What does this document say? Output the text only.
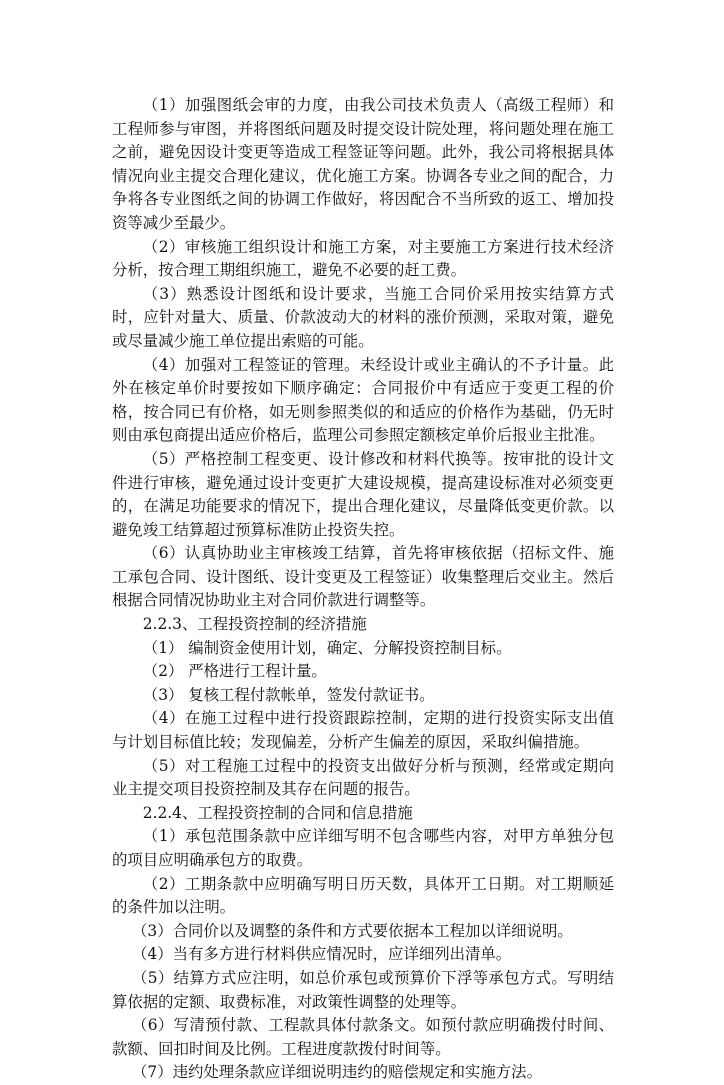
（1）加强图纸会审的力度，由我公司技术负责人（高级工程师）和工程师参与审图，并将图纸问题及时提交设计院处理，将问题处理在施工之前，避免因设计变更等造成工程签证等问题。此外，我公司将根据具体情况向业主提交合理化建议，优化施工方案。协调各专业之间的配合，力争将各专业图纸之间的协调工作做好，将因配合不当所致的返工、增加投资等减少至最少。

（2）审核施工组织设计和施工方案，对主要施工方案进行技术经济分析，按合理工期组织施工，避免不必要的赶工费。

（3）熟悉设计图纸和设计要求，当施工合同价采用按实结算方式时，应针对量大、质量、价款波动大的材料的涨价预测，采取对策，避免或尽量减少施工单位提出索赔的可能。

（4）加强对工程签证的管理。未经设计或业主确认的不予计量。此外在核定单价时要按如下顺序确定：合同报价中有适应于变更工程的价格，按合同已有价格，如无则参照类似的和适应的价格作为基础，仍无时则由承包商提出适应价格后，监理公司参照定额核定单价后报业主批准。

（5）严格控制工程变更、设计修改和材料代换等。按审批的设计文件进行审核，避免通过设计变更扩大建设规模，提高建设标准对必须变更的，在满足功能要求的情况下，提出合理化建议，尽量降低变更价款。以避免竣工结算超过预算标准防止投资失控。

（6）认真协助业主审核竣工结算，首先将审核依据（招标文件、施工承包合同、设计图纸、设计变更及工程签证）收集整理后交业主。然后根据合同情况协助业主对合同价款进行调整等。

2.2.3、工程投资控制的经济措施

（1） 编制资金使用计划，确定、分解投资控制目标。

（2） 严格进行工程计量。

（3） 复核工程付款帐单，签发付款证书。

（4）在施工过程中进行投资跟踪控制，定期的进行投资实际支出值与计划目标值比较；发现偏差，分析产生偏差的原因，采取纠偏措施。

（5）对工程施工过程中的投资支出做好分析与预测，经常或定期向业主提交项目投资控制及其存在问题的报告。

2.2.4、工程投资控制的合同和信息措施

（1）承包范围条款中应详细写明不包含哪些内容，对甲方单独分包的项目应明确承包方的取费。

（2）工期条款中应明确写明日历天数，具体开工日期。对工期顺延的条件加以注明。

（3）合同价以及调整的条件和方式要依据本工程加以详细说明。

（4）当有多方进行材料供应情况时，应详细列出清单。

（5）结算方式应注明，如总价承包或预算价下浮等承包方式。写明结算依据的定额、取费标准，对政策性调整的处理等。

（6）写清预付款、工程款具体付款条文。如预付款应明确拨付时间、款额、回扣时间及比例。工程进度款拨付时间等。

（7）违约处理条款应详细说明违约的赔偿规定和实施方法。
